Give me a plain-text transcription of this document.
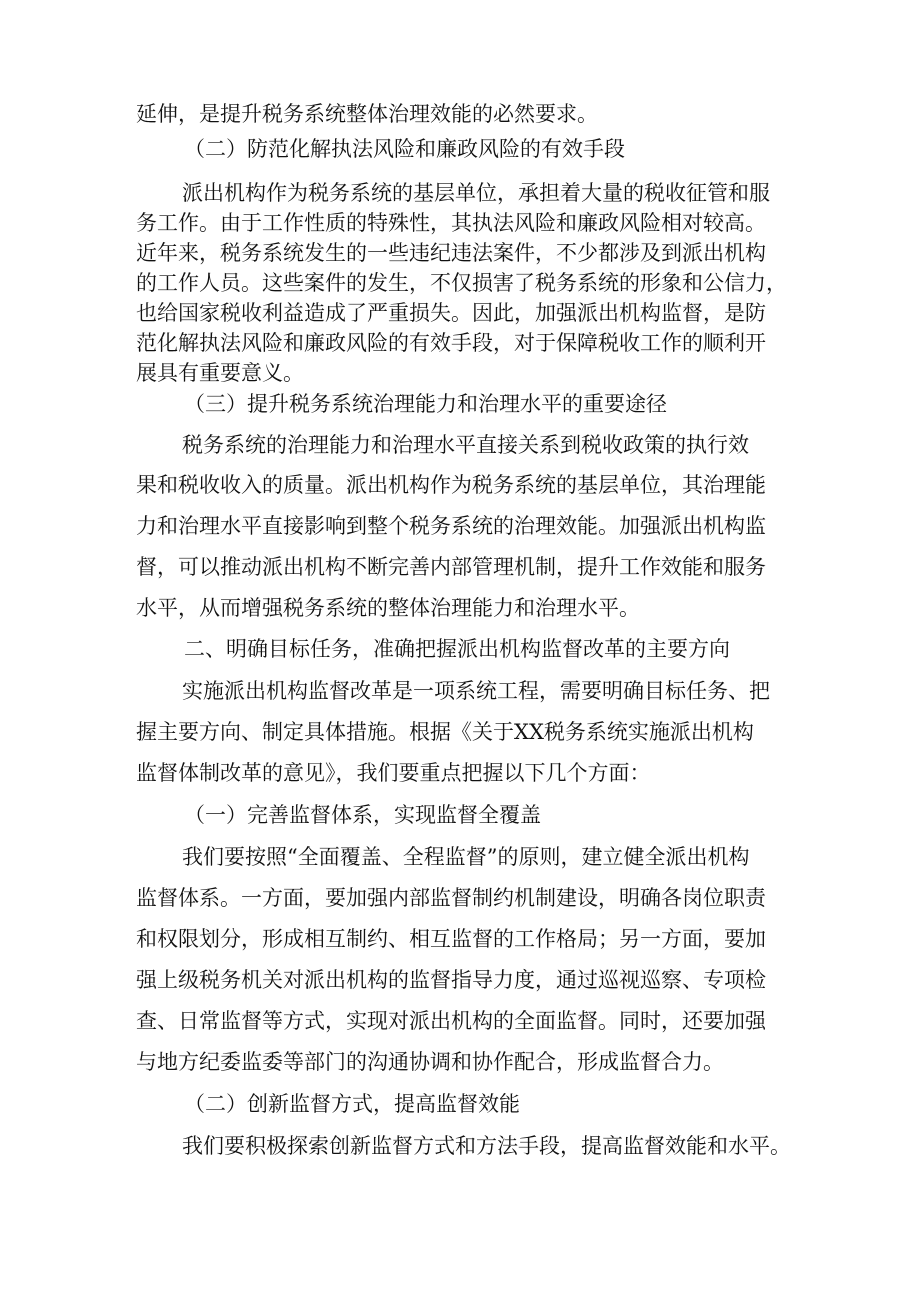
延伸，是提升税务系统整体治理效能的必然要求。
（二）防范化解执法风险和廉政风险的有效手段
派出机构作为税务系统的基层单位，承担着大量的税收征管和服
务工作。由于工作性质的特殊性，其执法风险和廉政风险相对较高。
近年来，税务系统发生的一些违纪违法案件，不少都涉及到派出机构
的工作人员。这些案件的发生，不仅损害了税务系统的形象和公信力，
也给国家税收利益造成了严重损失。因此，加强派出机构监督，是防
范化解执法风险和廉政风险的有效手段，对于保障税收工作的顺利开
展具有重要意义。
（三）提升税务系统治理能力和治理水平的重要途径
税务系统的治理能力和治理水平直接关系到税收政策的执行效
果和税收收入的质量。派出机构作为税务系统的基层单位，其治理能
力和治理水平直接影响到整个税务系统的治理效能。加强派出机构监
督，可以推动派出机构不断完善内部管理机制，提升工作效能和服务
水平，从而增强税务系统的整体治理能力和治理水平。
二、明确目标任务，准确把握派出机构监督改革的主要方向
实施派出机构监督改革是一项系统工程，需要明确目标任务、把
握主要方向、制定具体措施。根据《关于XX税务系统实施派出机构
监督体制改革的意见》，我们要重点把握以下几个方面：
（一）完善监督体系，实现监督全覆盖
我们要按照“全面覆盖、全程监督”的原则，建立健全派出机构
监督体系。一方面，要加强内部监督制约机制建设，明确各岗位职责
和权限划分，形成相互制约、相互监督的工作格局；另一方面，要加
强上级税务机关对派出机构的监督指导力度，通过巡视巡察、专项检
查、日常监督等方式，实现对派出机构的全面监督。同时，还要加强
与地方纪委监委等部门的沟通协调和协作配合，形成监督合力。
（二）创新监督方式，提高监督效能
我们要积极探索创新监督方式和方法手段，提高监督效能和水平。
